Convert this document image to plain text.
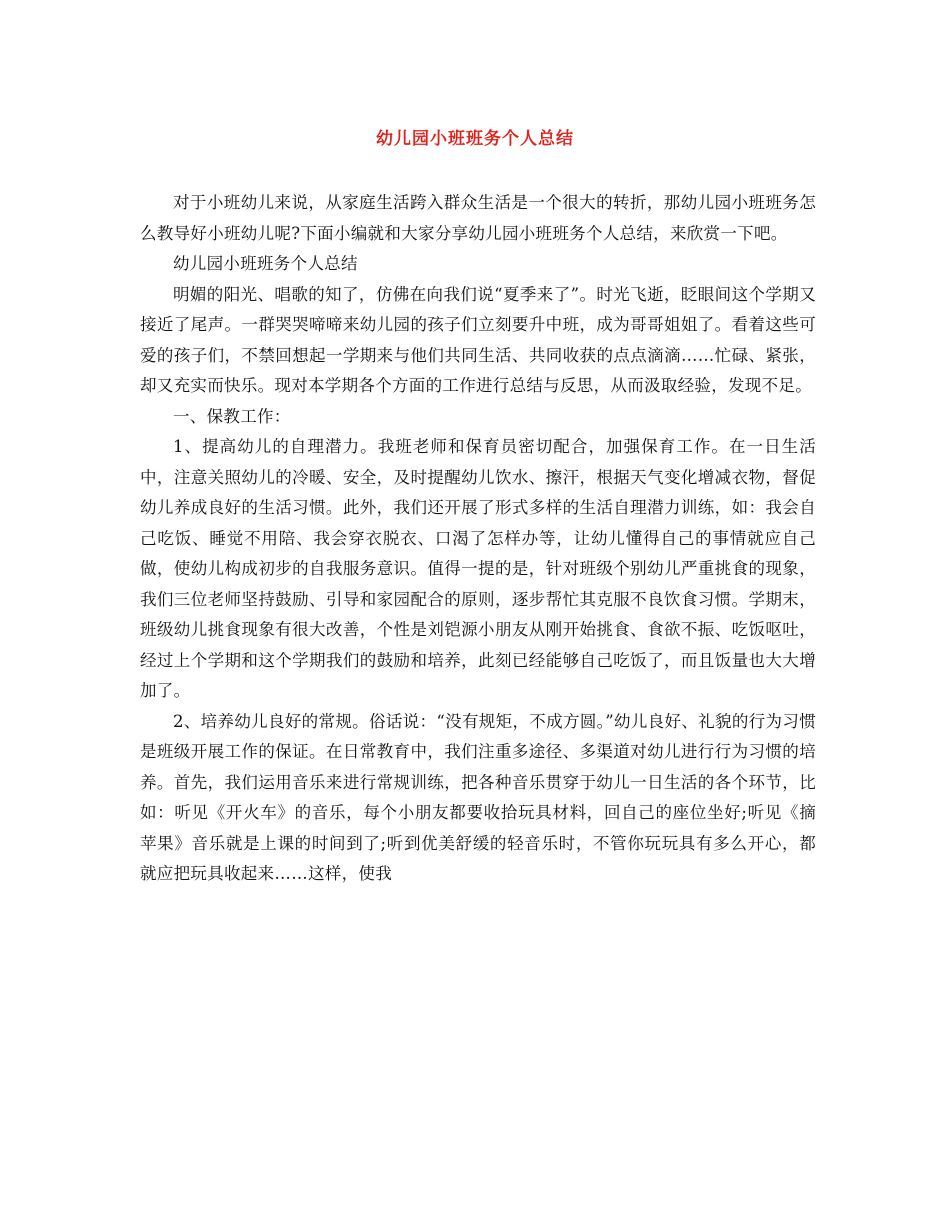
幼儿园小班班务个人总结

对于小班幼儿来说，从家庭生活跨入群众生活是一个很大的转折，那幼儿园小班班务怎么教导好小班幼儿呢?下面小编就和大家分享幼儿园小班班务个人总结，来欣赏一下吧。

幼儿园小班班务个人总结

明媚的阳光、唱歌的知了，仿佛在向我们说“夏季来了”。时光飞逝，眨眼间这个学期又接近了尾声。一群哭哭啼啼来幼儿园的孩子们立刻要升中班，成为哥哥姐姐了。看着这些可爱的孩子们，不禁回想起一学期来与他们共同生活、共同收获的点点滴滴……忙碌、紧张，却又充实而快乐。现对本学期各个方面的工作进行总结与反思，从而汲取经验，发现不足。

一、保教工作：

1、提高幼儿的自理潜力。我班老师和保育员密切配合，加强保育工作。在一日生活中，注意关照幼儿的冷暖、安全，及时提醒幼儿饮水、擦汗，根据天气变化增减衣物，督促幼儿养成良好的生活习惯。此外，我们还开展了形式多样的生活自理潜力训练，如：我会自己吃饭、睡觉不用陪、我会穿衣脱衣、口渴了怎样办等，让幼儿懂得自己的事情就应自己做，使幼儿构成初步的自我服务意识。值得一提的是，针对班级个别幼儿严重挑食的现象，我们三位老师坚持鼓励、引导和家园配合的原则，逐步帮忙其克服不良饮食习惯。学期末，班级幼儿挑食现象有很大改善，个性是刘铠源小朋友从刚开始挑食、食欲不振、吃饭呕吐，经过上个学期和这个学期我们的鼓励和培养，此刻已经能够自己吃饭了，而且饭量也大大增加了。

2、培养幼儿良好的常规。俗话说：“没有规矩，不成方圆。”幼儿良好、礼貌的行为习惯是班级开展工作的保证。在日常教育中，我们注重多途径、多渠道对幼儿进行行为习惯的培养。首先，我们运用音乐来进行常规训练，把各种音乐贯穿于幼儿一日生活的各个环节，比如：听见《开火车》的音乐，每个小朋友都要收拾玩具材料，回自己的座位坐好;听见《摘苹果》音乐就是上课的时间到了;听到优美舒缓的轻音乐时，不管你玩玩具有多么开心，都就应把玩具收起来……这样，使我
